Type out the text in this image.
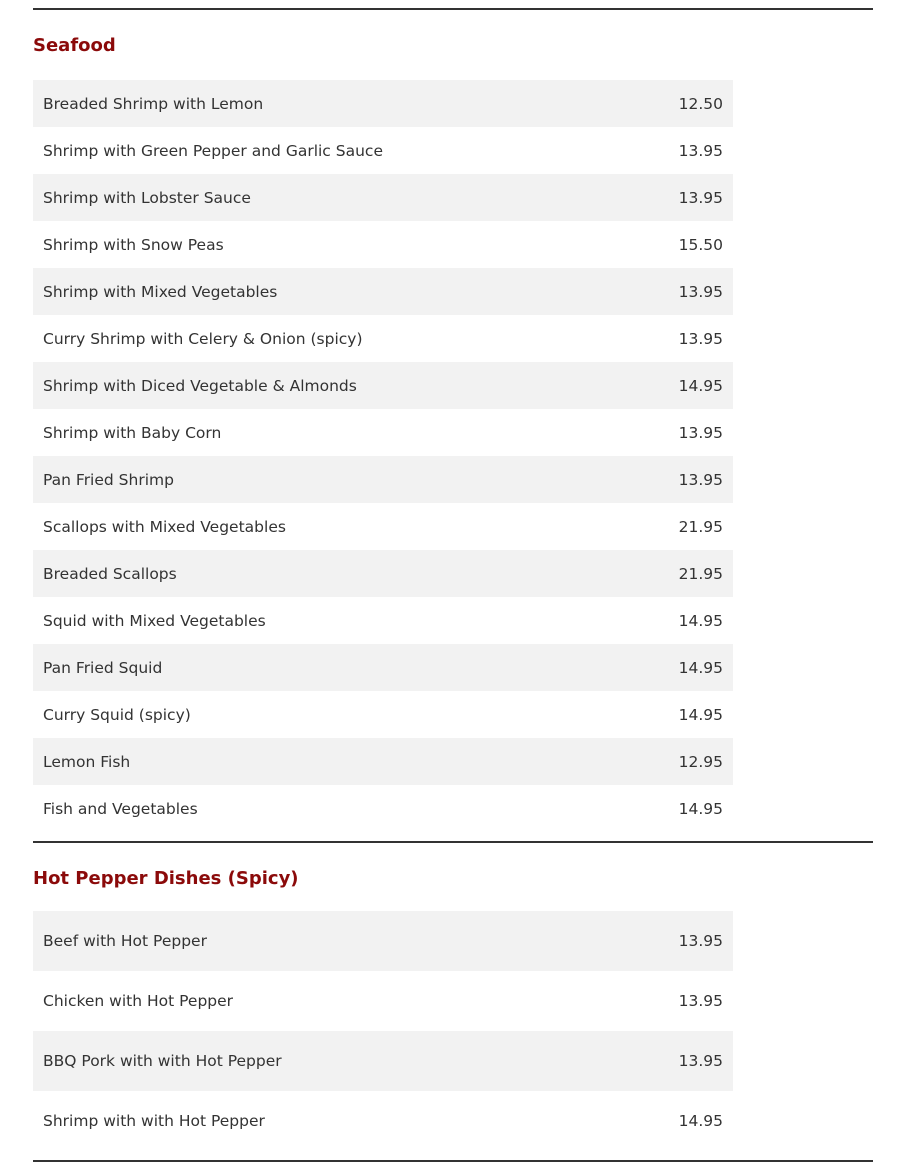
Seafood
Breaded Shrimp with Lemon	12.50
Shrimp with Green Pepper and Garlic Sauce	13.95
Shrimp with Lobster Sauce	13.95
Shrimp with Snow Peas	15.50
Shrimp with Mixed Vegetables	13.95
Curry Shrimp with Celery & Onion (spicy)	13.95
Shrimp with Diced Vegetable & Almonds	14.95
Shrimp with Baby Corn	13.95
Pan Fried Shrimp	13.95
Scallops with Mixed Vegetables	21.95
Breaded Scallops	21.95
Squid with Mixed Vegetables	14.95
Pan Fried Squid	14.95
Curry Squid (spicy)	14.95
Lemon Fish	12.95
Fish and Vegetables	14.95
Hot Pepper Dishes (Spicy)
Beef with Hot Pepper	13.95
Chicken with Hot Pepper	13.95
BBQ Pork with with Hot Pepper	13.95
Shrimp with with Hot Pepper	14.95
